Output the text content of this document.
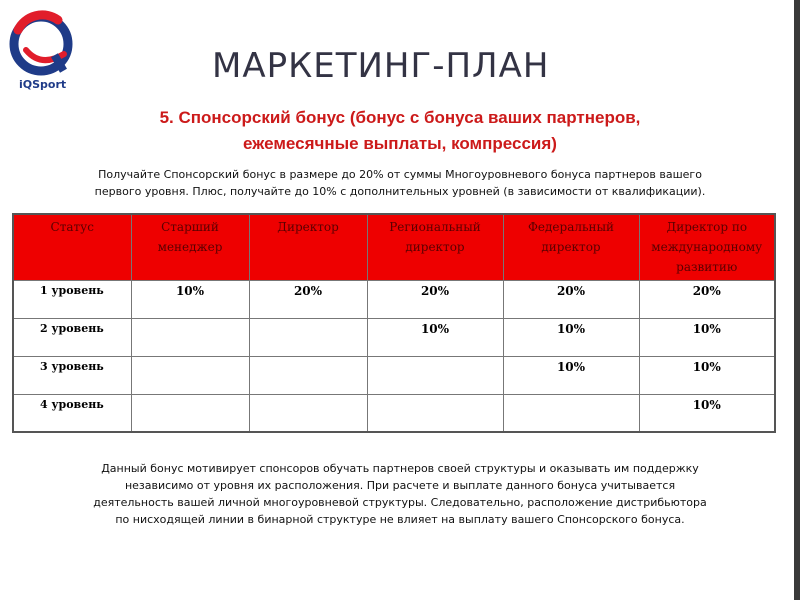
iQSport	МАРКЕТИНГ-ПЛАН
5. Спонсорский бонус (бонус с бонуса ваших партнеров,
ежемесячные выплаты, компрессия)
Получайте Спонсорский бонус в размере до 20% от суммы Многоуровневого бонуса партнеров вашего
первого уровня. Плюс, получайте до 10% с дополнительных уровней (в зависимости от квалификации).
Статус	Старший менеджер	Директор	Региональный директор	Федеральный директор	Директор по международному развитию
1 уровень	10%	20%	20%	20%	20%
2 уровень			10%	10%	10%
3 уровень				10%	10%
4 уровень					10%
Данный бонус мотивирует спонсоров обучать партнеров своей структуры и оказывать им поддержку
независимо от уровня их расположения. При расчете и выплате данного бонуса учитывается
деятельность вашей личной многоуровневой структуры. Следовательно, расположение дистрибьютора
по нисходящей линии в бинарной структуре не влияет на выплату вашего Спонсорского бонуса.
